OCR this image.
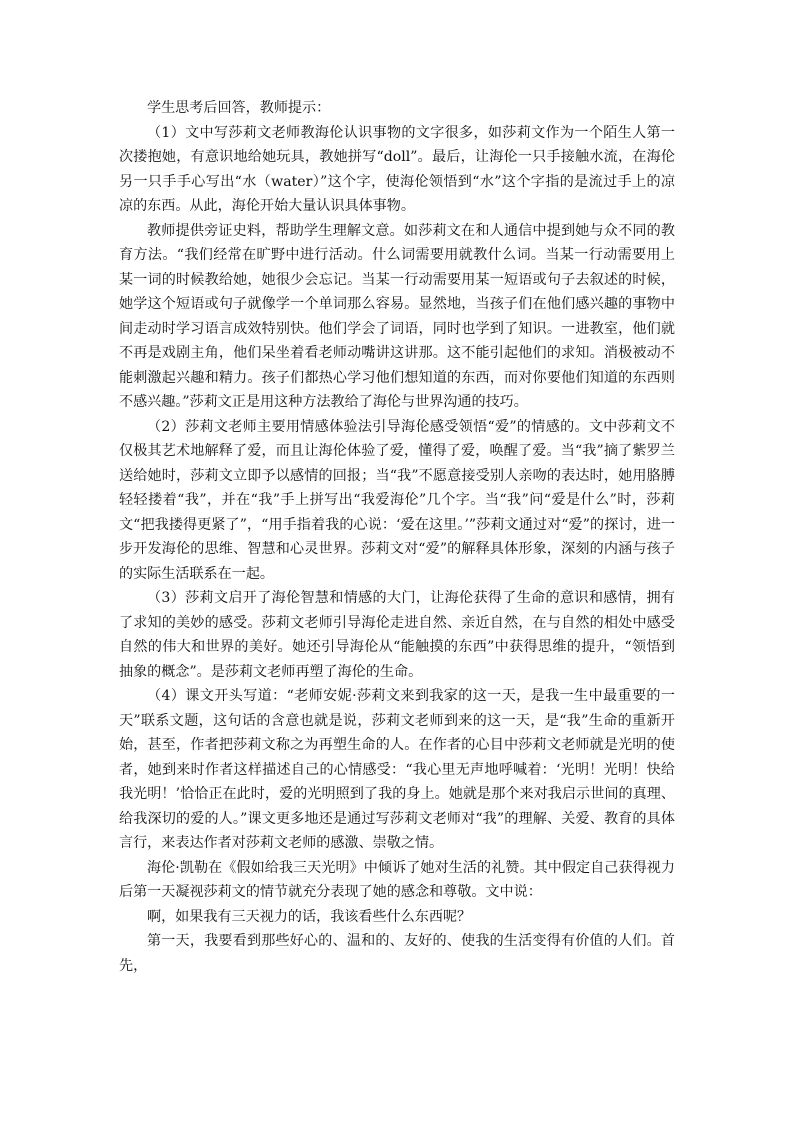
学生思考后回答，教师提示：

（1）文中写莎莉文老师教海伦认识事物的文字很多，如莎莉文作为一个陌生人第一次搂抱她，有意识地给她玩具，教她拼写“doll”。最后，让海伦一只手接触水流，在海伦另一只手手心写出“水（water）”这个字，使海伦领悟到“水”这个字指的是流过手上的凉凉的东西。从此，海伦开始大量认识具体事物。

教师提供旁证史料，帮助学生理解文意。如莎莉文在和人通信中提到她与众不同的教育方法。“我们经常在旷野中进行活动。什么词需要用就教什么词。当某一行动需要用上某一词的时候教给她，她很少会忘记。当某一行动需要用某一短语或句子去叙述的时候，她学这个短语或句子就像学一个单词那么容易。显然地，当孩子们在他们感兴趣的事物中间走动时学习语言成效特别快。他们学会了词语，同时也学到了知识。一进教室，他们就不再是戏剧主角，他们呆坐着看老师动嘴讲这讲那。这不能引起他们的求知。消极被动不能刺激起兴趣和精力。孩子们都热心学习他们想知道的东西，而对你要他们知道的东西则不感兴趣。”莎莉文正是用这种方法教给了海伦与世界沟通的技巧。

（2）莎莉文老师主要用情感体验法引导海伦感受领悟“爱”的情感的。文中莎莉文不仅极其艺术地解释了爱，而且让海伦体验了爱，懂得了爱，唤醒了爱。当“我”摘了紫罗兰送给她时，莎莉文立即予以感情的回报；当“我”不愿意接受别人亲吻的表达时，她用胳膊轻轻搂着“我”，并在“我”手上拼写出“我爱海伦”几个字。当“我”问“爱是什么”时，莎莉文“把我搂得更紧了”，“用手指着我的心说：‘爱在这里。’”莎莉文通过对“爱”的探讨，进一步开发海伦的思维、智慧和心灵世界。莎莉文对“爱”的解释具体形象，深刻的内涵与孩子的实际生活联系在一起。

（3）莎莉文启开了海伦智慧和情感的大门，让海伦获得了生命的意识和感情，拥有了求知的美妙的感受。莎莉文老师引导海伦走进自然、亲近自然，在与自然的相处中感受自然的伟大和世界的美好。她还引导海伦从“能触摸的东西”中获得思维的提升，“领悟到抽象的概念”。是莎莉文老师再塑了海伦的生命。

（4）课文开头写道：“老师安妮·莎莉文来到我家的这一天，是我一生中最重要的一天”联系文题，这句话的含意也就是说，莎莉文老师到来的这一天，是“我”生命的重新开始，甚至，作者把莎莉文称之为再塑生命的人。在作者的心目中莎莉文老师就是光明的使者，她到来时作者这样描述自己的心情感受：“我心里无声地呼喊着：‘光明！光明！快给我光明！’恰恰正在此时，爱的光明照到了我的身上。她就是那个来对我启示世间的真理、给我深切的爱的人。”课文更多地还是通过写莎莉文老师对“我”的理解、关爱、教育的具体言行，来表达作者对莎莉文老师的感激、崇敬之情。

海伦·凯勒在《假如给我三天光明》中倾诉了她对生活的礼赞。其中假定自己获得视力后第一天凝视莎莉文的情节就充分表现了她的感念和尊敬。文中说：

啊，如果我有三天视力的话，我该看些什么东西呢？

第一天，我要看到那些好心的、温和的、友好的、使我的生活变得有价值的人们。首先，
